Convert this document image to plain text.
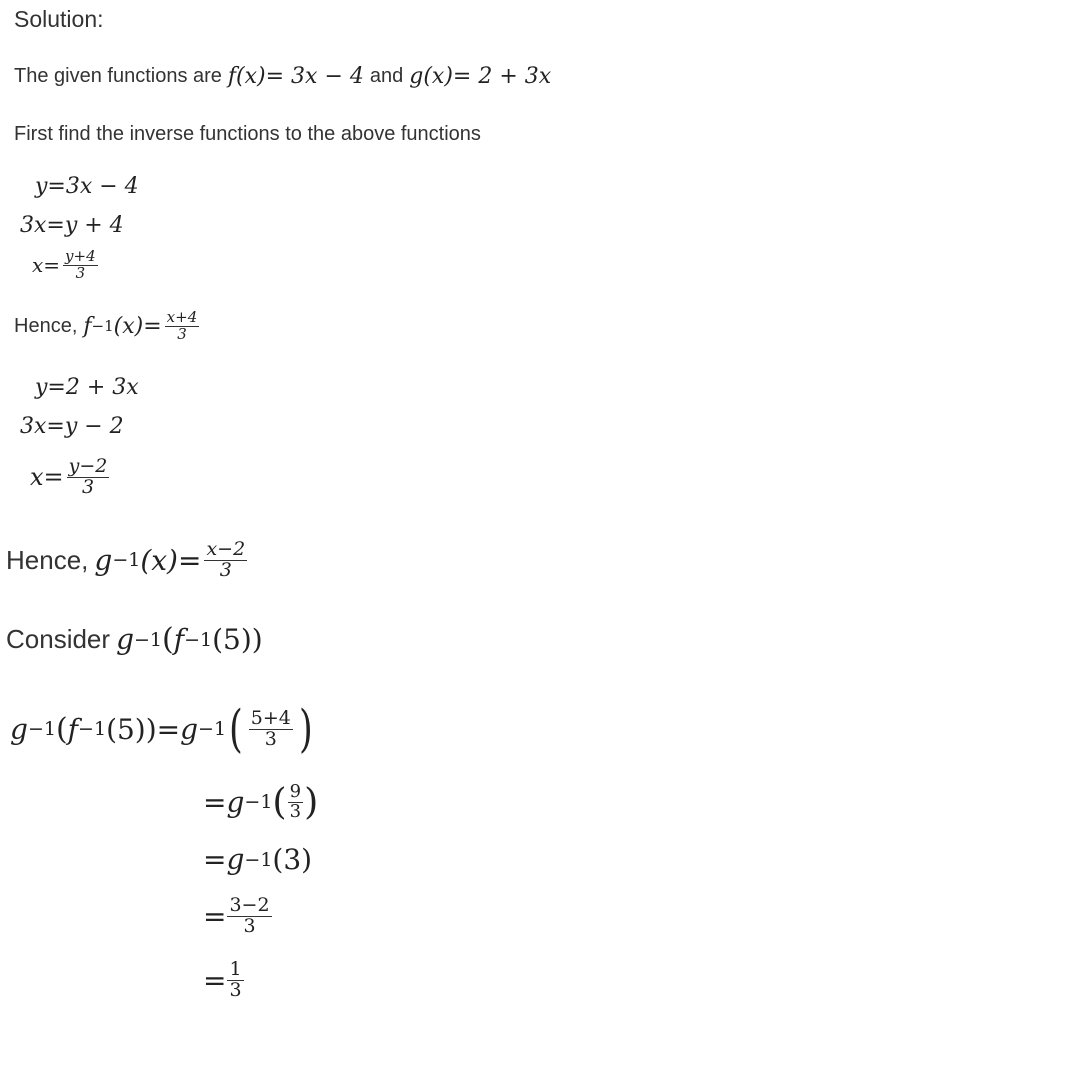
Solution:
The given functions are f(x)= 3x − 4 and g(x)= 2 + 3x
First find the inverse functions to the above functions
y=3x − 4
3x=y + 4
$x= \frac{y+4}{3}$
Hence, f −1 $(x)= \frac{x+4}{3}$
y=2 + 3x
3x=y − 2
$x= \frac{y-2}{3}$
Hence, g −1 $(x)= \frac{x-2}{3}$
Consider g −1 ( f −1 (5))
g −1 ( f −1 (5))= g −1 ( $\frac{5+4}{3}$ )
= g −1 ( $\frac{9}{3}$ )
= g −1 (3)
= $\frac{3-2}{3}$
= $\frac{1}{3}$
